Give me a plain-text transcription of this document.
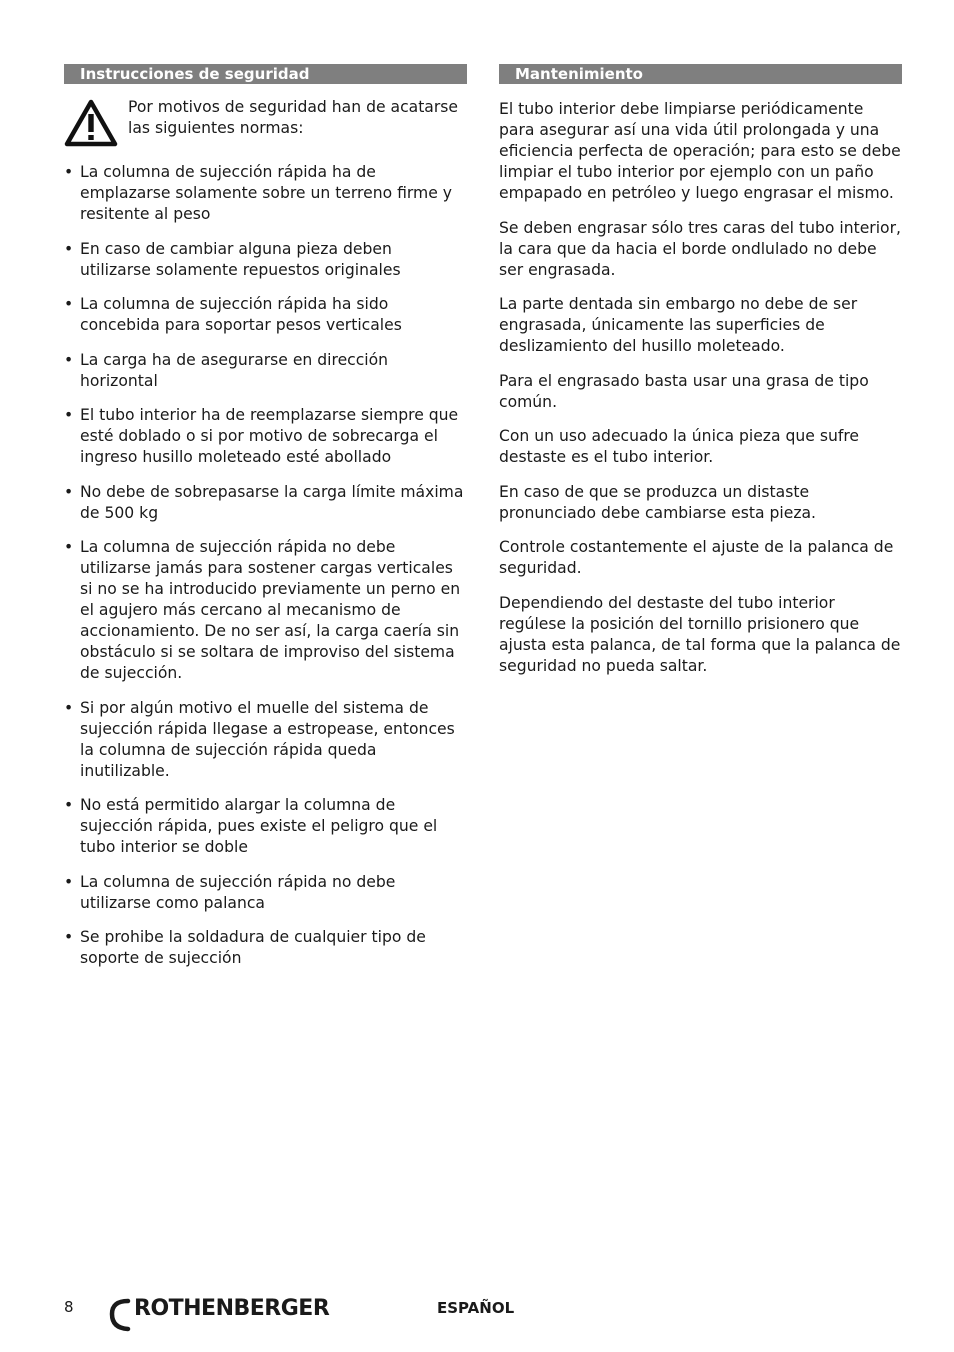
Instrucciones de seguridad
Por motivos de seguridad han de acatarse las siguientes normas:
• La columna de sujección rápida ha de emplazarse solamente sobre un terreno firme y resitente al peso
• En caso de cambiar alguna pieza deben utilizarse solamente repuestos originales
• La columna de sujección rápida ha sido concebida para soportar pesos verticales
• La carga ha de asegurarse en dirección horizontal
• El tubo interior ha de reemplazarse siempre que esté doblado o si por motivo de sobrecarga el ingreso husillo moleteado esté abollado
• No debe de sobrepasarse la carga límite máxima de 500 kg
• La columna de sujección rápida no debe utilizarse jamás para sostener cargas verticales si no se ha introducido previamente un perno en el agujero más cercano al mecanismo de accionamiento. De no ser así, la carga caería sin obstáculo si se soltara de improviso del sistema de sujección.
• Si por algún motivo el muelle del sistema de sujección rápida llegase a estropease, entonces la columna de sujección rápida queda inutilizable.
• No está permitido alargar la columna de sujección rápida, pues existe el peligro que el tubo interior se doble
• La columna de sujección rápida no debe utilizarse como palanca
• Se prohibe la soldadura de cualquier tipo de soporte de sujección
Mantenimiento

El tubo interior debe limpiarse periódicamente para asegurar así una vida útil prolongada y una eficiencia perfecta de operación; para esto se debe limpiar el tubo interior por ejemplo con un paño empapado en petróleo y luego engrasar el mismo.

Se deben engrasar sólo tres caras del tubo interior, la cara que da hacia el borde ondlulado no debe ser engrasada.

La parte dentada sin embargo no debe de ser engrasada, únicamente las superficies de deslizamiento del husillo moleteado.

Para el engrasado basta usar una grasa de tipo común.

Con un uso adecuado la única pieza que sufre destaste es el tubo interior.

En caso de que se produzca un distaste pronunciado debe cambiarse esta pieza.

Controle costantemente el ajuste de la palanca de seguridad.

Dependiendo del destaste del tubo interior regúlese la posición del tornillo prisionero que ajusta esta palanca, de tal forma que la palanca de seguridad no pueda saltar.

8	ROTHENBERGER	ESPAÑOL
